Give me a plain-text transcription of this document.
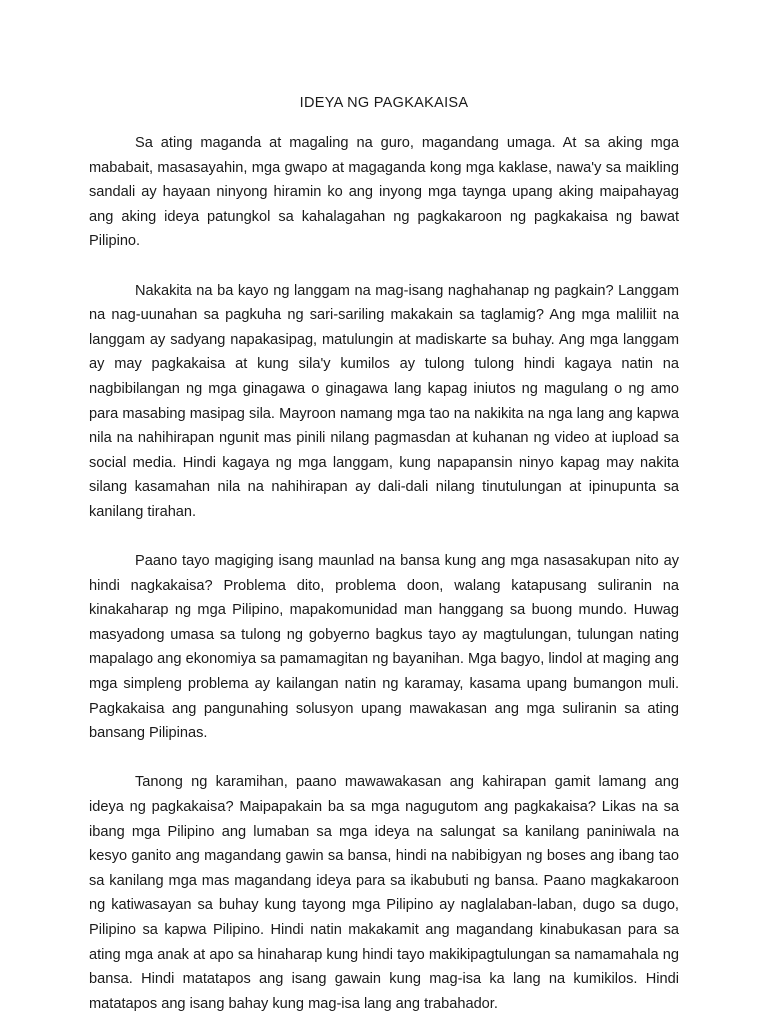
IDEYA NG PAGKAKAISA

Sa ating maganda at magaling na guro, magandang umaga. At sa aking mga mababait, masasayahin, mga gwapo at magaganda kong mga kaklase, nawa'y sa maikling sandali ay hayaan ninyong hiramin ko ang inyong mga taynga upang aking maipahayag ang aking ideya patungkol sa kahalagahan ng pagkakaroon ng pagkakaisa ng bawat Pilipino.

Nakakita na ba kayo ng langgam na mag-isang naghahanap ng pagkain? Langgam na nag-uunahan sa pagkuha ng sari-sariling makakain sa taglamig? Ang mga maliliit na langgam ay sadyang napakasipag, matulungin at madiskarte sa buhay. Ang mga langgam ay may pagkakaisa at kung sila'y kumilos ay tulong tulong hindi kagaya natin na nagbibilangan ng mga ginagawa o ginagawa lang kapag iniutos ng magulang o ng amo para masabing masipag sila. Mayroon namang mga tao na nakikita na nga lang ang kapwa nila na nahihirapan ngunit mas pinili nilang pagmasdan at kuhanan ng video at iupload sa social media. Hindi kagaya ng mga langgam, kung napapansin ninyo kapag may nakita silang kasamahan nila na nahihirapan ay dali-dali nilang tinutulungan at ipinupunta sa kanilang tirahan.

Paano tayo magiging isang maunlad na bansa kung ang mga nasasakupan nito ay hindi nagkakaisa? Problema dito, problema doon, walang katapusang suliranin na kinakaharap ng mga Pilipino, mapakomunidad man hanggang sa buong mundo. Huwag masyadong umasa sa tulong ng gobyerno bagkus tayo ay magtulungan, tulungan nating mapalago ang ekonomiya sa pamamagitan ng bayanihan. Mga bagyo, lindol at maging ang mga simpleng problema ay kailangan natin ng karamay, kasama upang bumangon muli. Pagkakaisa ang pangunahing solusyon upang mawakasan ang mga suliranin sa ating bansang Pilipinas.

Tanong ng karamihan, paano mawawakasan ang kahirapan gamit lamang ang ideya ng pagkakaisa? Maipapakain ba sa mga nagugutom ang pagkakaisa? Likas na sa ibang mga Pilipino ang lumaban sa mga ideya na salungat sa kanilang paniniwala na kesyo ganito ang magandang gawin sa bansa, hindi na nabibigyan ng boses ang ibang tao sa kanilang mga mas magandang ideya para sa ikabubuti ng bansa. Paano magkakaroon ng katiwasayan sa buhay kung tayong mga Pilipino ay naglalaban-laban, dugo sa dugo, Pilipino sa kapwa Pilipino. Hindi natin makakamit ang magandang kinabukasan para sa ating mga anak at apo sa hinaharap kung hindi tayo makikipagtulungan sa namamahala ng bansa. Hindi matatapos ang isang gawain kung mag-isa ka lang na kumikilos. Hindi matatapos ang isang bahay kung mag-isa lang ang trabahador.
